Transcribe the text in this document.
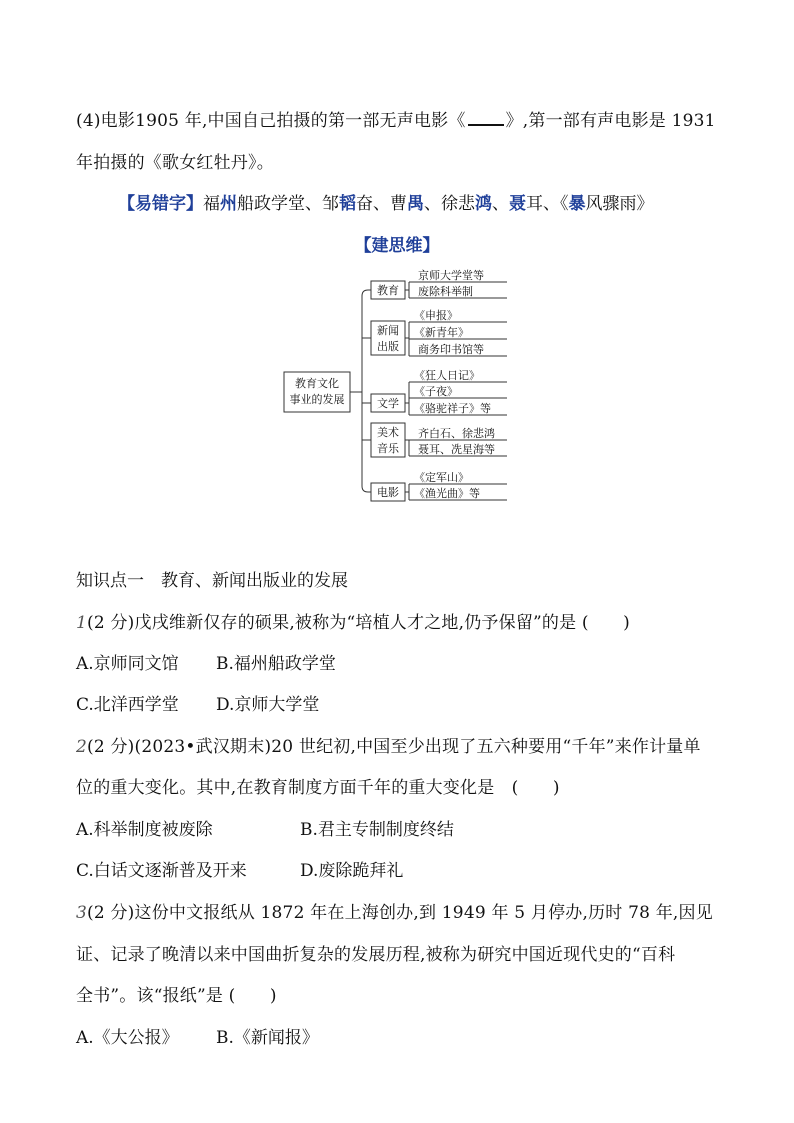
(4)电影1905 年,中国自己拍摄的第一部无声电影《 》,第一部有声电影是 1931
年拍摄的《歌女红牡丹》。
【易错字】福州船政学堂、邹韬奋、曹禺、徐悲鸿、聂耳、《暴风骤雨》
【建思维】
教育文化
事业的发展
教育
新闻
出版
文学
美术
音乐
电影
京师大学堂等
废除科举制
《申报》
《新青年》
商务印书馆等
《狂人日记》
《子夜》
《骆驼祥子》等
齐白石、徐悲鸿
聂耳、冼星海等
《定军山》
《渔光曲》等
知识点一　教育、新闻出版业的发展
1(2 分)戊戌维新仅存的硕果,被称为“培植人才之地,仍予保留”的是 (　　)
A.京师同文馆 B.福州船政学堂
C.北洋西学堂 D.京师大学堂
2(2 分)(2023•武汉期末)20 世纪初,中国至少出现了五六种要用“千年”来作计量单
位的重大变化。其中,在教育制度方面千年的重大变化是　(　　)
A.科举制度被废除	B.君主专制制度终结
C.白话文逐渐普及开来	D.废除跪拜礼
3(2 分)这份中文报纸从 1872 年在上海创办,到 1949 年 5 月停办,历时 78 年,因见
证、记录了晚清以来中国曲折复杂的发展历程,被称为研究中国近现代史的“百科
全书”。该“报纸”是 (　　)
A.《大公报》 B.《新闻报》
